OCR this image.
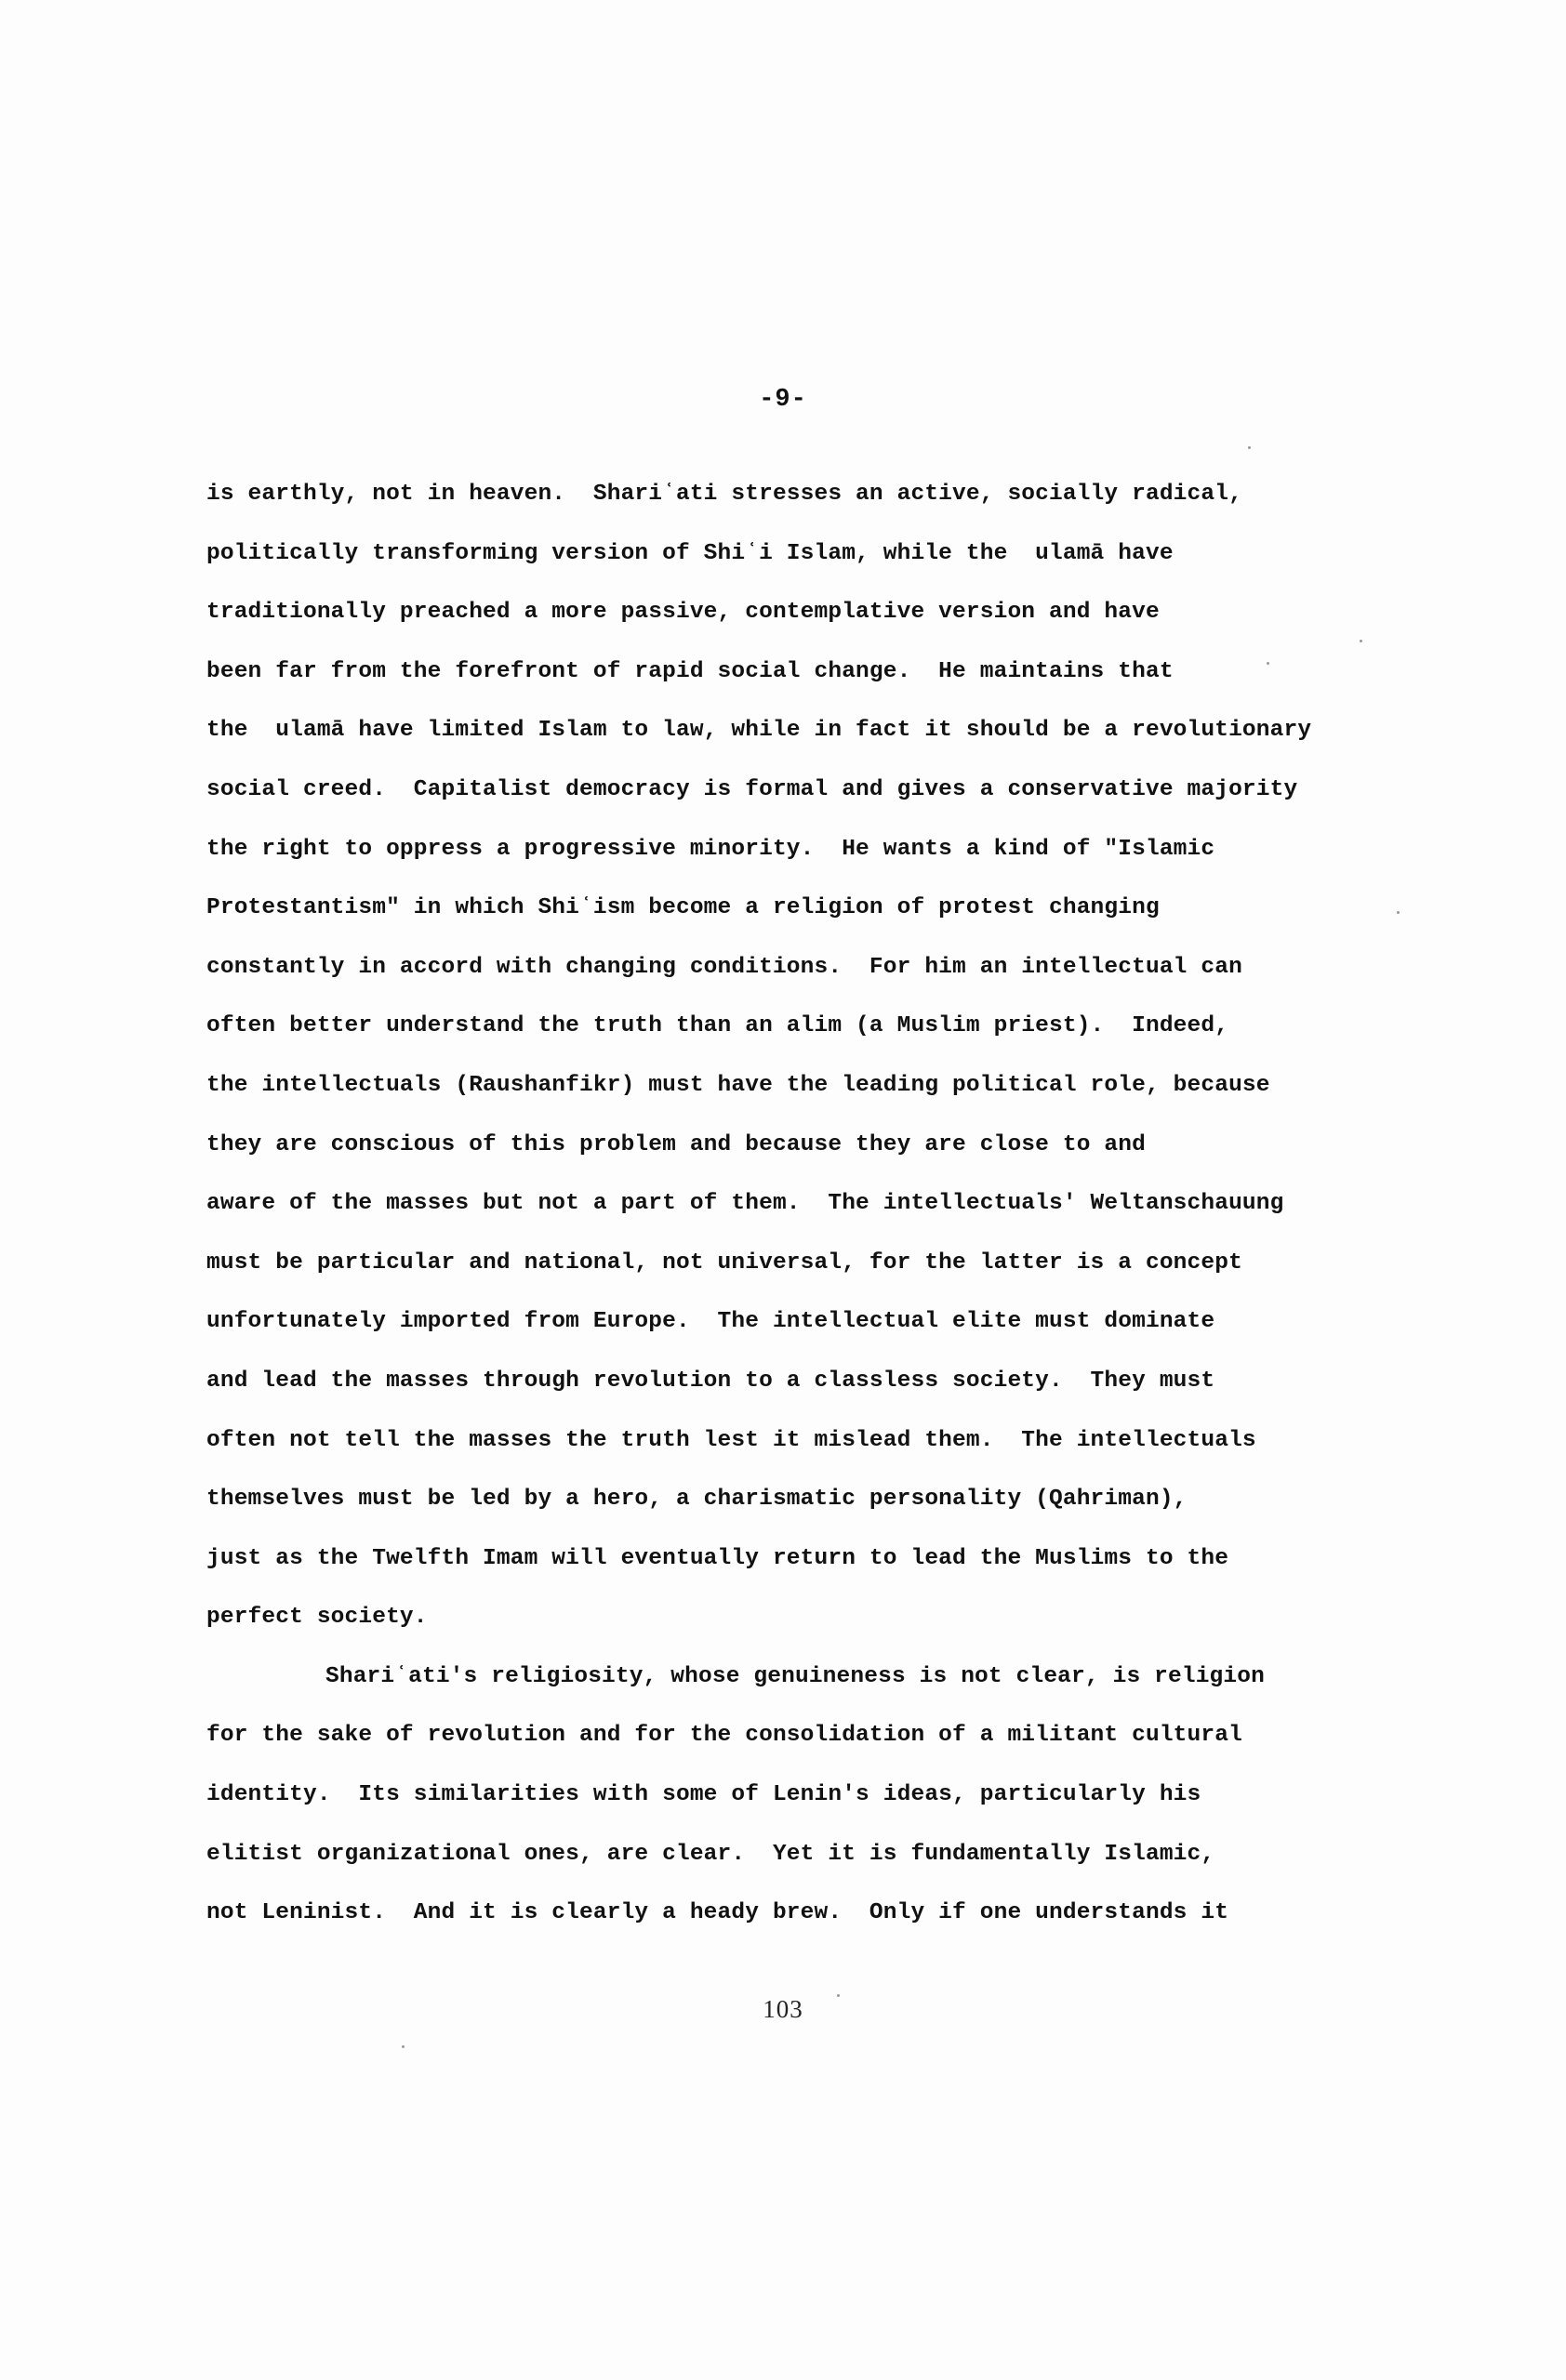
-9-
is earthly, not in heaven.  Shariʿati stresses an active, socially radical,
politically transforming version of Shiʿi Islam, while the  ulamā have
traditionally preached a more passive, contemplative version and have
been far from the forefront of rapid social change.  He maintains that
the  ulamā have limited Islam to law, while in fact it should be a revolutionary
social creed.  Capitalist democracy is formal and gives a conservative majority
the right to oppress a progressive minority.  He wants a kind of "Islamic
Protestantism" in which Shiʿism become a religion of protest changing
constantly in accord with changing conditions.  For him an intellectual can
often better understand the truth than an alim (a Muslim priest).  Indeed,
the intellectuals (Raushanfikr) must have the leading political role, because
they are conscious of this problem and because they are close to and
aware of the masses but not a part of them.  The intellectuals' Weltanschauung
must be particular and national, not universal, for the latter is a concept
unfortunately imported from Europe.  The intellectual elite must dominate
and lead the masses through revolution to a classless society.  They must
often not tell the masses the truth lest it mislead them.  The intellectuals
themselves must be led by a hero, a charismatic personality (Qahriman),
just as the Twelfth Imam will eventually return to lead the Muslims to the
perfect society.
Shariʿati's religiosity, whose genuineness is not clear, is religion
for the sake of revolution and for the consolidation of a militant cultural
identity.  Its similarities with some of Lenin's ideas, particularly his
elitist organizational ones, are clear.  Yet it is fundamentally Islamic,
not Leninist.  And it is clearly a heady brew.  Only if one understands it
103
